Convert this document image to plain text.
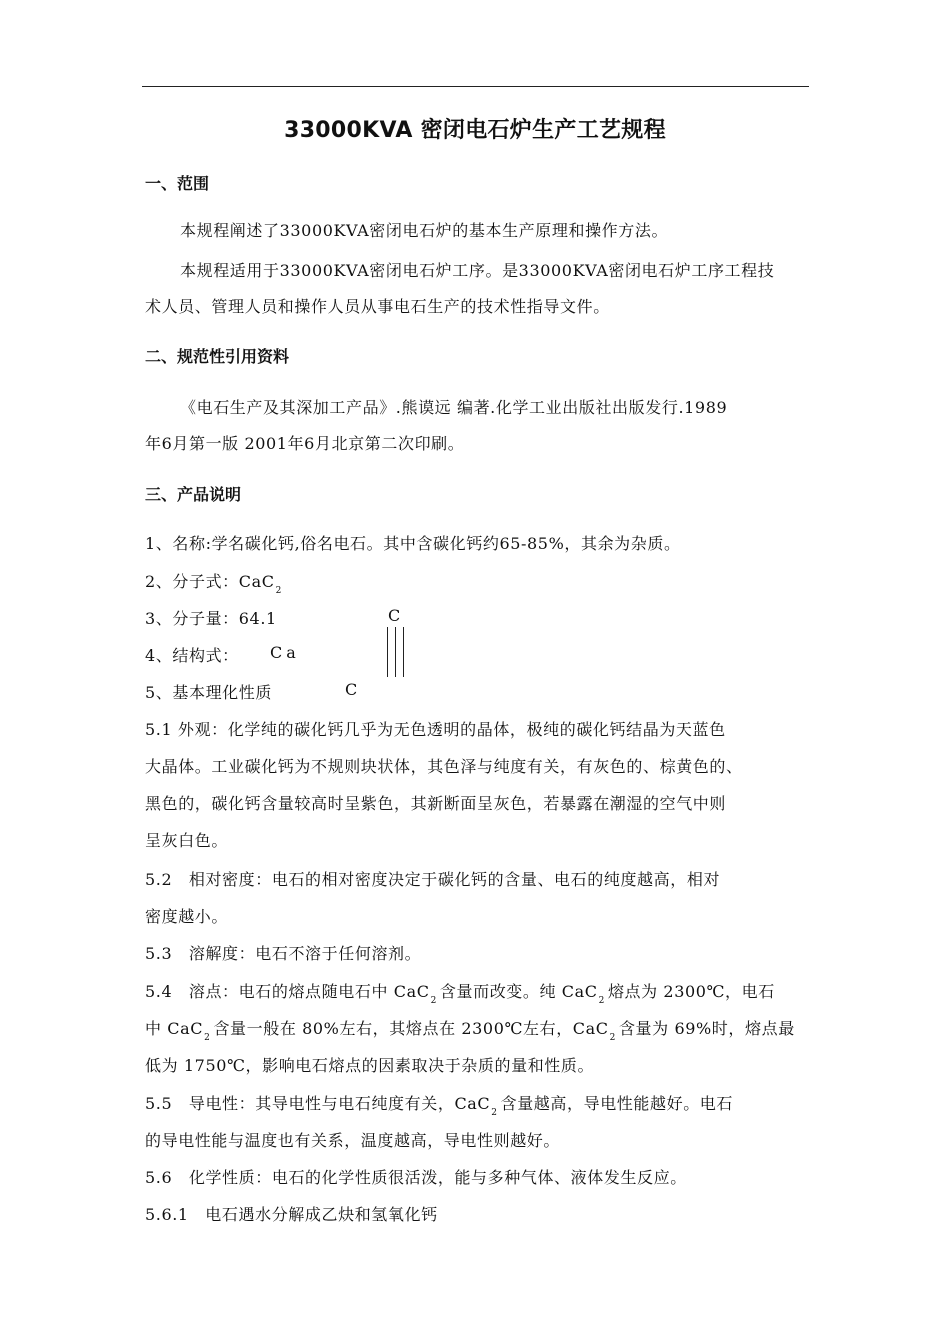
33000KVA 密闭电石炉生产工艺规程
一、范围
本规程阐述了33000KVA密闭电石炉的基本生产原理和操作方法。
本规程适用于33000KVA密闭电石炉工序。是33000KVA密闭电石炉工序工程技
术人员、管理人员和操作人员从事电石生产的技术性指导文件。
二、规范性引用资料
《电石生产及其深加工产品》.熊谟远 编著.化学工业出版社出版发行.1989
年6月第一版 2001年6月北京第二次印刷。
三、产品说明
1、名称:学名碳化钙,俗名电石。其中含碳化钙约65-85%，其余为杂质。
2、分子式：CaC$_2$
3、分子量：64.1	C
4、结构式： Ca
5、基本理化性质	C
5.1 外观：化学纯的碳化钙几乎为无色透明的晶体，极纯的碳化钙结晶为天蓝色
大晶体。工业碳化钙为不规则块状体，其色泽与纯度有关，有灰色的、棕黄色的、
黑色的，碳化钙含量较高时呈紫色，其新断面呈灰色，若暴露在潮湿的空气中则
呈灰白色。
5.2　相对密度：电石的相对密度决定于碳化钙的含量、电石的纯度越高，相对
密度越小。
5.3　溶解度：电石不溶于任何溶剂。
5.4　溶点：电石的熔点随电石中 CaC$_2$ 含量而改变。纯 CaC$_2$ 熔点为 2300℃，电石
中 CaC$_2$ 含量一般在 80%左右，其熔点在 2300℃左右，CaC$_2$ 含量为 69%时，熔点最
低为 1750℃，影响电石熔点的因素取决于杂质的量和性质。
5.5　导电性：其导电性与电石纯度有关，CaC$_2$ 含量越高，导电性能越好。电石
的导电性能与温度也有关系，温度越高，导电性则越好。
5.6　化学性质：电石的化学性质很活泼，能与多种气体、液体发生反应。
5.6.1　电石遇水分解成乙炔和氢氧化钙
